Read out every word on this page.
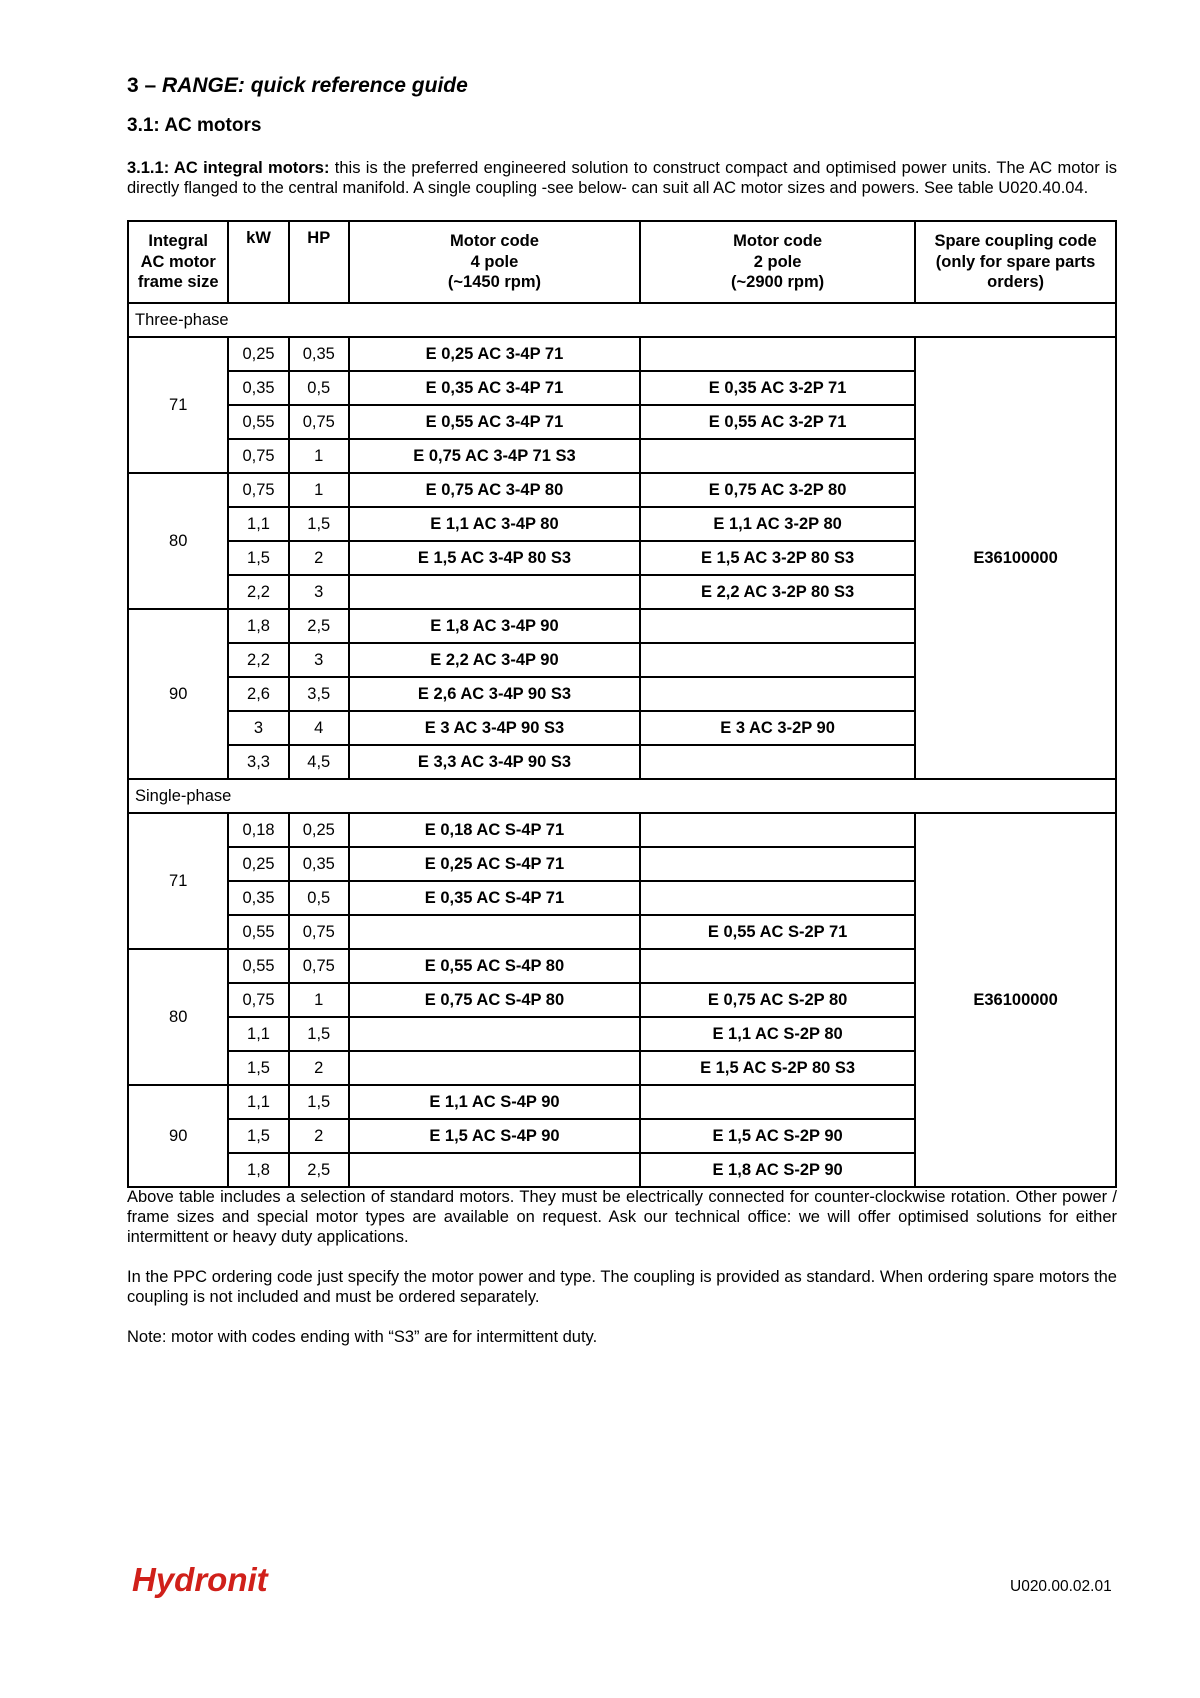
3 – RANGE: quick reference guide
3.1: AC motors

3.1.1: AC integral motors: this is the preferred engineered solution to construct compact and optimised power units. The AC motor is directly flanged to the central manifold. A single coupling -see below- can suit all AC motor sizes and powers. See table U020.40.04.

Integral
AC motor
frame size	kW	HP	Motor code
4 pole
(~1450 rpm)	Motor code
2 pole
(~2900 rpm)	Spare coupling code
(only for spare parts
orders)
Three-phase					
71	0,25	0,35	E 0,25 AC 3-4P 71		E36100000
	0,35	0,5	E 0,35 AC 3-4P 71	E 0,35 AC 3-2P 71	
	0,55	0,75	E 0,55 AC 3-4P 71	E 0,55 AC 3-2P 71	
	0,75	1	E 0,75 AC 3-4P 71 S3		
80	0,75	1	E 0,75 AC 3-4P 80	E 0,75 AC 3-2P 80	
	1,1	1,5	E 1,1 AC 3-4P 80	E 1,1 AC 3-2P 80	
	1,5	2	E 1,5 AC 3-4P 80 S3	E 1,5 AC 3-2P 80 S3	
	2,2	3		E 2,2 AC 3-2P 80 S3	
90	1,8	2,5	E 1,8 AC 3-4P 90		
	2,2	3	E 2,2 AC 3-4P 90		
	2,6	3,5	E 2,6 AC 3-4P 90 S3		
	3	4	E 3 AC 3-4P 90 S3	E 3 AC 3-2P 90	
	3,3	4,5	E 3,3 AC 3-4P 90 S3		
Single-phase					
71	0,18	0,25	E 0,18 AC S-4P 71		E36100000
	0,25	0,35	E 0,25 AC S-4P 71		
	0,35	0,5	E 0,35 AC S-4P 71		
	0,55	0,75		E 0,55 AC S-2P 71	
80	0,55	0,75	E 0,55 AC S-4P 80		
	0,75	1	E 0,75 AC S-4P 80	E 0,75 AC S-2P 80	
	1,1	1,5		E 1,1 AC S-2P 80	
	1,5	2		E 1,5 AC S-2P 80 S3	
90	1,1	1,5	E 1,1 AC S-4P 90		
	1,5	2	E 1,5 AC S-4P 90	E 1,5 AC S-2P 90	
	1,8	2,5		E 1,8 AC S-2P 90	

Above table includes a selection of standard motors. They must be electrically connected for counter-clockwise rotation. Other power / frame sizes and special motor types are available on request. Ask our technical office: we will offer optimised solutions for either intermittent or heavy duty applications.

In the PPC ordering code just specify the motor power and type. The coupling is provided as standard. When ordering spare motors the coupling is not included and must be ordered separately.

Note: motor with codes ending with “S3” are for intermittent duty.

Hydronit	U020.00.02.01
